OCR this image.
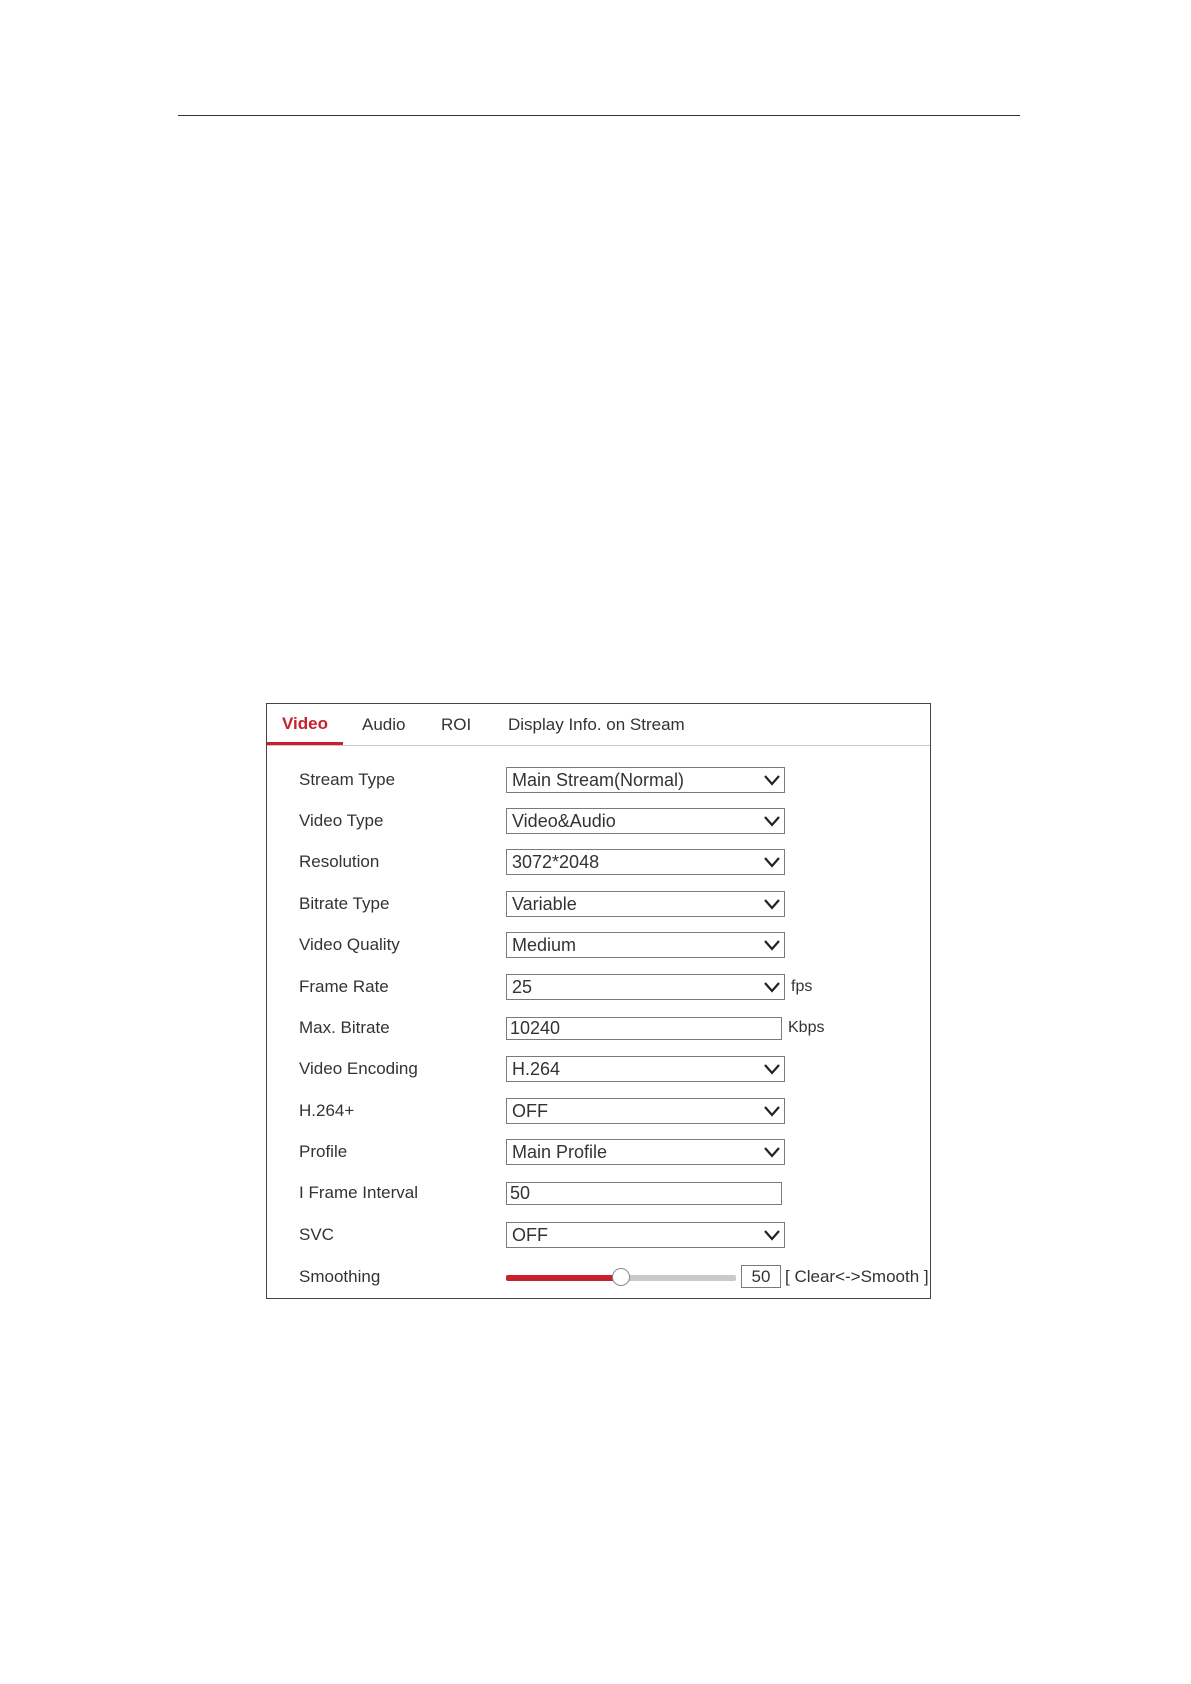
Video	Audio ROI Display Info. on Stream
Stream Type	Main Stream(Normal)
Video Type	Video&Audio
Resolution	3072*2048
Bitrate Type	Variable
Video Quality	Medium
Frame Rate	25	fps
Max. Bitrate	10240	Kbps
Video Encoding	H.264
H.264+	OFF
Profile	Main Profile
I Frame Interval	50
SVC	OFF
Smoothing	50 [ Clear<->Smooth ]
